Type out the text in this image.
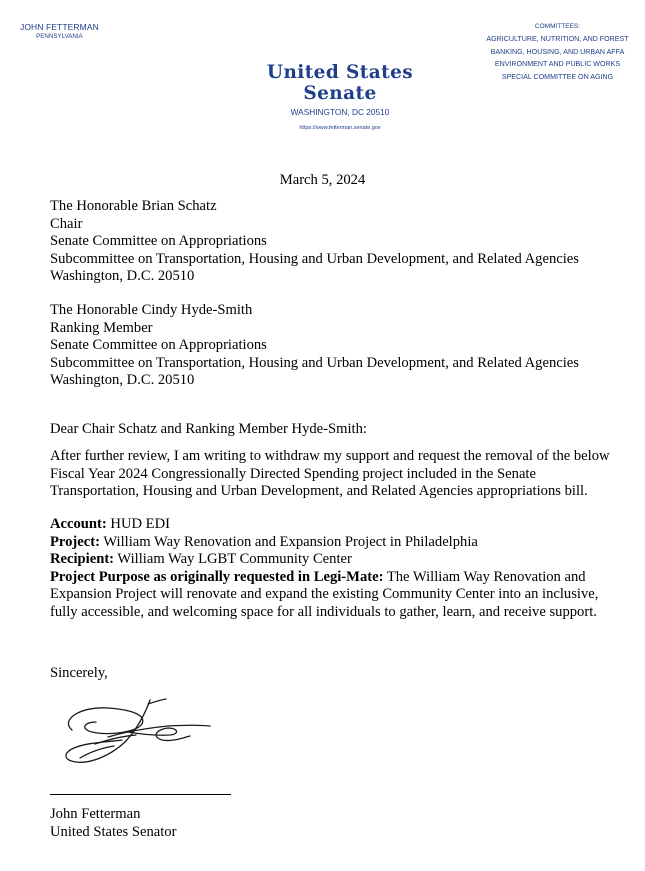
JOHN FETTERMAN
PENNSYLVANIA
COMMITTEES:
AGRICULTURE, NUTRITION, AND FOREST
BANKING, HOUSING, AND URBAN AFFA
ENVIRONMENT AND PUBLIC WORKS
SPECIAL COMMITTEE ON AGING
United States Senate
WASHINGTON, DC 20510
https://www.fetterman.senate.gov
March 5, 2024
The Honorable Brian Schatz
Chair
Senate Committee on Appropriations
Subcommittee on Transportation, Housing and Urban Development, and Related Agencies
Washington, D.C. 20510
The Honorable Cindy Hyde-Smith
Ranking Member
Senate Committee on Appropriations
Subcommittee on Transportation, Housing and Urban Development, and Related Agencies
Washington, D.C. 20510
Dear Chair Schatz and Ranking Member Hyde-Smith:
After further review, I am writing to withdraw my support and request the removal of the below
Fiscal Year 2024 Congressionally Directed Spending project included in the Senate
Transportation, Housing and Urban Development, and Related Agencies appropriations bill.
Account: HUD EDI
Project: William Way Renovation and Expansion Project in Philadelphia
Recipient: William Way LGBT Community Center
Project Purpose as originally requested in Legi-Mate: The William Way Renovation and
Expansion Project will renovate and expand the existing Community Center into an inclusive,
fully accessible, and welcoming space for all individuals to gather, learn, and receive support.
Sincerely,
John Fetterman
United States Senator
